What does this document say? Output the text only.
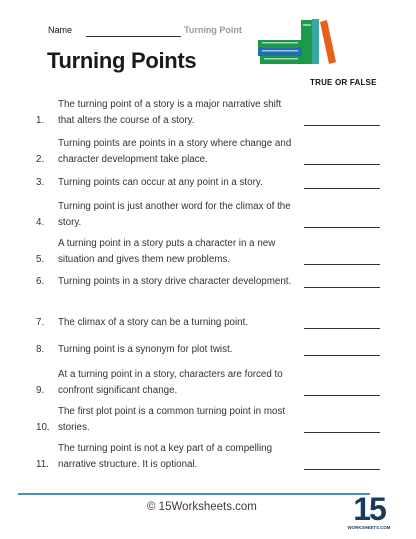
Name	Turning Point
Turning Points
TRUE OR FALSE
The turning point of a story is a major narrative shift that alters the course of a story.
1.
Turning points are points in a story where change and character development take place.
2.
Turning points can occur at any point in a story.
3.
Turning point is just another word for the climax of the story.
4.
A turning point in a story puts a character in a new situation and gives them new problems.
5.
Turning points in a story drive character development.
6.
The climax of a story can be a turning point.
7.
Turning point is a synonym for plot twist.
8.
At a turning point in a story, characters are forced to confront significant change.
9.
The first plot point is a common turning point in most stories.
10.
The turning point is not a key part of a compelling narrative structure. It is optional.
11.
© 15Worksheets.com	15
WORKSHEETS.COM
